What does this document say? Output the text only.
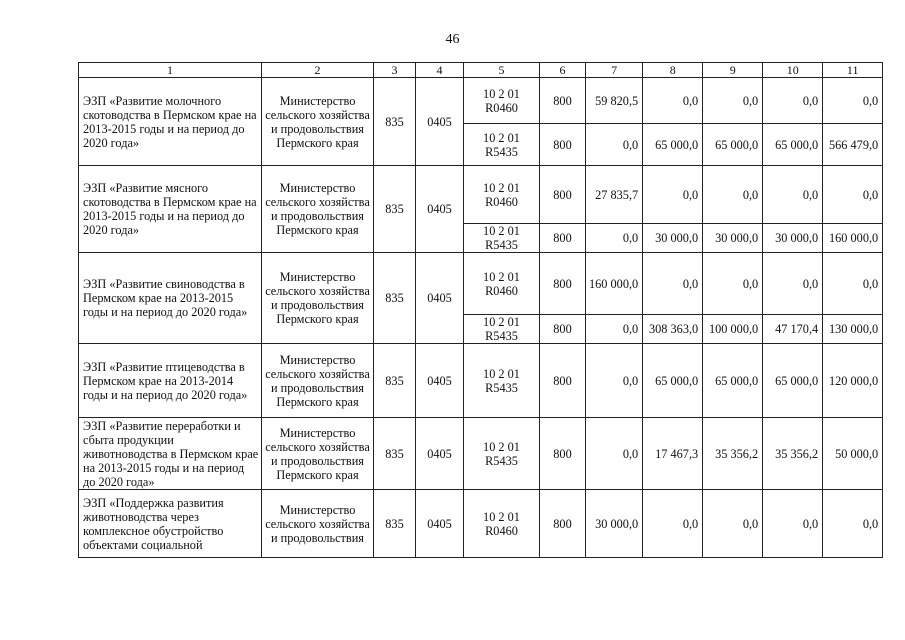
46
1	2	3	4	5	6	7	8	9	10	11
ЭЗП «Развитие молочного скотоводства в Пермском крае на 2013-2015 годы и на период до 2020 года»	Министерство сельского хозяйства и продовольствия Пермского края	835	0405	10 2 01 R0460	800	59 820,5	0,0	0,0	0,0	0,0
				10 2 01 R5435	800	0,0	65 000,0	65 000,0	65 000,0	566 479,0
ЭЗП «Развитие мясного скотоводства в Пермском крае на 2013-2015 годы и на период до 2020 года»	Министерство сельского хозяйства и продовольствия Пермского края	835	0405	10 2 01 R0460	800	27 835,7	0,0	0,0	0,0	0,0
				10 2 01 R5435	800	0,0	30 000,0	30 000,0	30 000,0	160 000,0
ЭЗП «Развитие свиноводства в Пермском крае на 2013-2015 годы и на период до 2020 года»	Министерство сельского хозяйства и продовольствия Пермского края	835	0405	10 2 01 R0460	800	160 000,0	0,0	0,0	0,0	0,0
				10 2 01 R5435	800	0,0	308 363,0	100 000,0	47 170,4	130 000,0
ЭЗП «Развитие птицеводства в Пермском крае на 2013-2014 годы и на период до 2020 года»	Министерство сельского хозяйства и продовольствия Пермского края	835	0405	10 2 01 R5435	800	0,0	65 000,0	65 000,0	65 000,0	120 000,0
ЭЗП «Развитие переработки и сбыта продукции животноводства в Пермском крае на 2013-2015 годы и на период до 2020 года»	Министерство сельского хозяйства и продовольствия Пермского края	835	0405	10 2 01 R5435	800	0,0	17 467,3	35 356,2	35 356,2	50 000,0
ЭЗП «Поддержка развития животноводства через комплексное обустройство объектами социальной	Министерство сельского хозяйства и продовольствия	835	0405	10 2 01 R0460	800	30 000,0	0,0	0,0	0,0	0,0
